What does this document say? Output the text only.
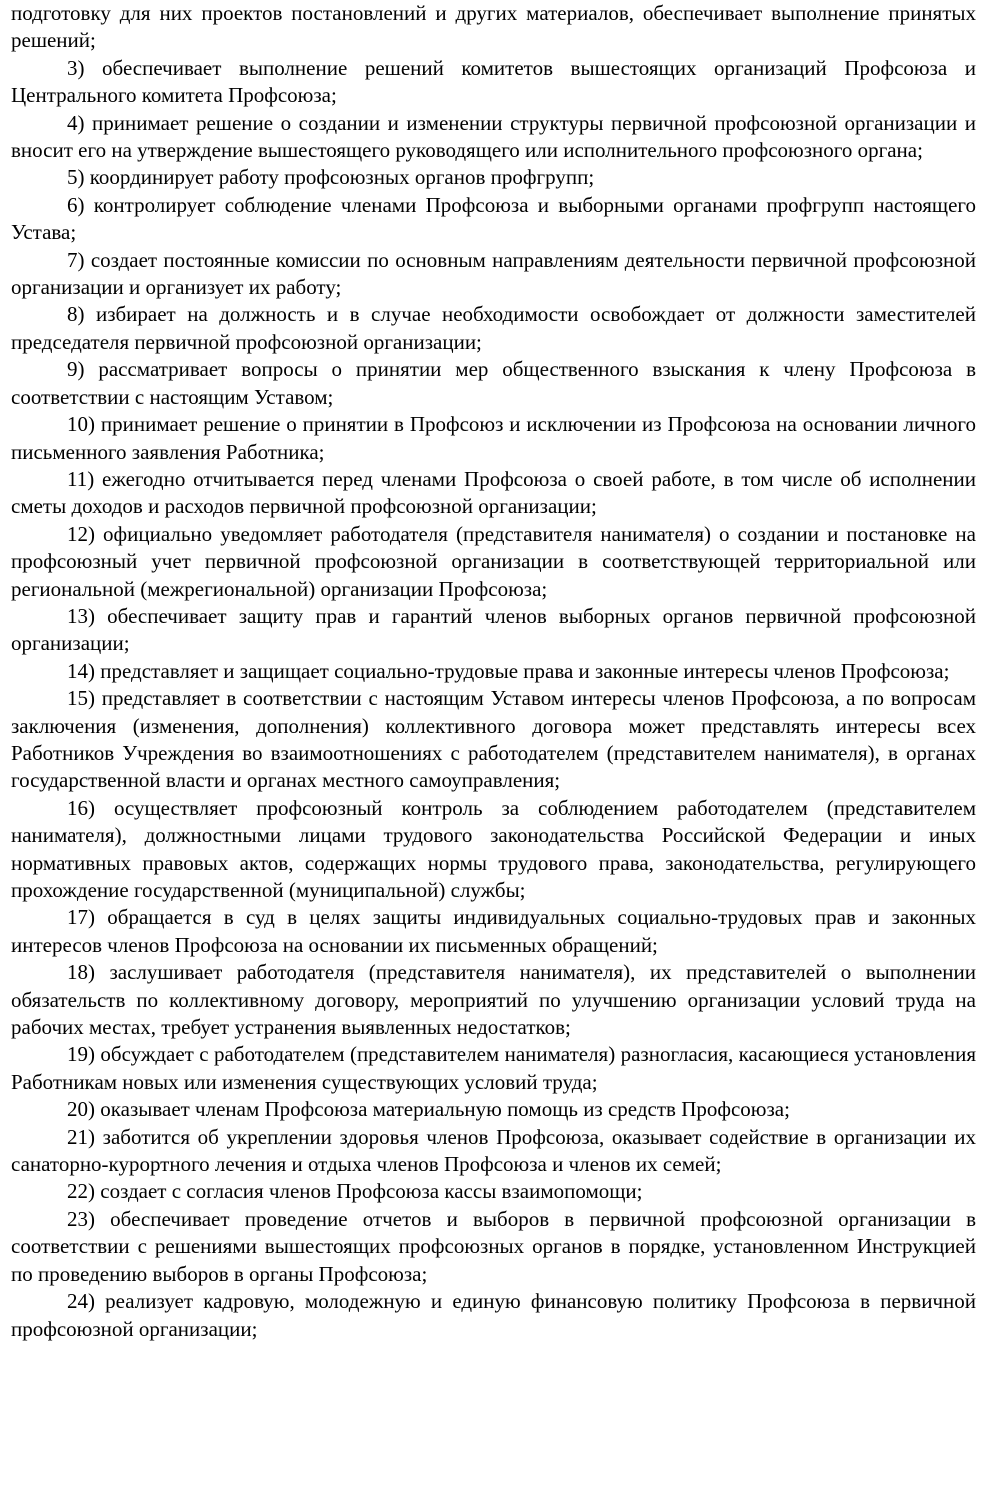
подготовку для них проектов постановлений и других материалов, обеспечивает выполнение принятых решений;

3) обеспечивает выполнение решений комитетов вышестоящих организаций Профсоюза и Центрального комитета Профсоюза;

4) принимает решение о создании и изменении структуры первичной профсоюзной организации и вносит его на утверждение вышестоящего руководящего или исполнительного профсоюзного органа;

5) координирует работу профсоюзных органов профгрупп;

6) контролирует соблюдение членами Профсоюза и выборными органами профгрупп настоящего Устава;

7) создает постоянные комиссии по основным направлениям деятельности первичной профсоюзной организации и организует их работу;

8) избирает на должность и в случае необходимости освобождает от должности заместителей председателя первичной профсоюзной организации;

9) рассматривает вопросы о принятии мер общественного взыскания к члену Профсоюза в соответствии с настоящим Уставом;

10) принимает решение о принятии в Профсоюз и исключении из Профсоюза на основании личного письменного заявления Работника;

11) ежегодно отчитывается перед членами Профсоюза о своей работе, в том числе об исполнении сметы доходов и расходов первичной профсоюзной организации;

12) официально уведомляет работодателя (представителя нанимателя) о создании и постановке на профсоюзный учет первичной профсоюзной организации в соответствующей территориальной или региональной (межрегиональной) организации Профсоюза;

13) обеспечивает защиту прав и гарантий членов выборных органов первичной профсоюзной организации;

14) представляет и защищает социально-трудовые права и законные интересы членов Профсоюза;

15) представляет в соответствии с настоящим Уставом интересы членов Профсоюза, а по вопросам заключения (изменения, дополнения) коллективного договора может представлять интересы всех Работников Учреждения во взаимоотношениях с работодателем (представителем нанимателя), в органах государственной власти и органах местного самоуправления;

16) осуществляет профсоюзный контроль за соблюдением работодателем (представителем нанимателя), должностными лицами трудового законодательства Российской Федерации и иных нормативных правовых актов, содержащих нормы трудового права, законодательства, регулирующего прохождение государственной (муниципальной) службы;

17) обращается в суд в целях защиты индивидуальных социально-трудовых прав и законных интересов членов Профсоюза на основании их письменных обращений;

18) заслушивает работодателя (представителя нанимателя), их представителей о выполнении обязательств по коллективному договору, мероприятий по улучшению организации условий труда на рабочих местах, требует устранения выявленных недостатков;

19) обсуждает с работодателем (представителем нанимателя) разногласия, касающиеся установления Работникам новых или изменения существующих условий труда;

20) оказывает членам Профсоюза материальную помощь из средств Профсоюза;

21) заботится об укреплении здоровья членов Профсоюза, оказывает содействие в организации их санаторно-курортного лечения и отдыха членов Профсоюза и членов их семей;

22) создает с согласия членов Профсоюза кассы взаимопомощи;

23) обеспечивает проведение отчетов и выборов в первичной профсоюзной организации в соответствии с решениями вышестоящих профсоюзных органов в порядке, установленном Инструкцией по проведению выборов в органы Профсоюза;

24) реализует кадровую, молодежную и единую финансовую политику Профсоюза в первичной профсоюзной организации;
